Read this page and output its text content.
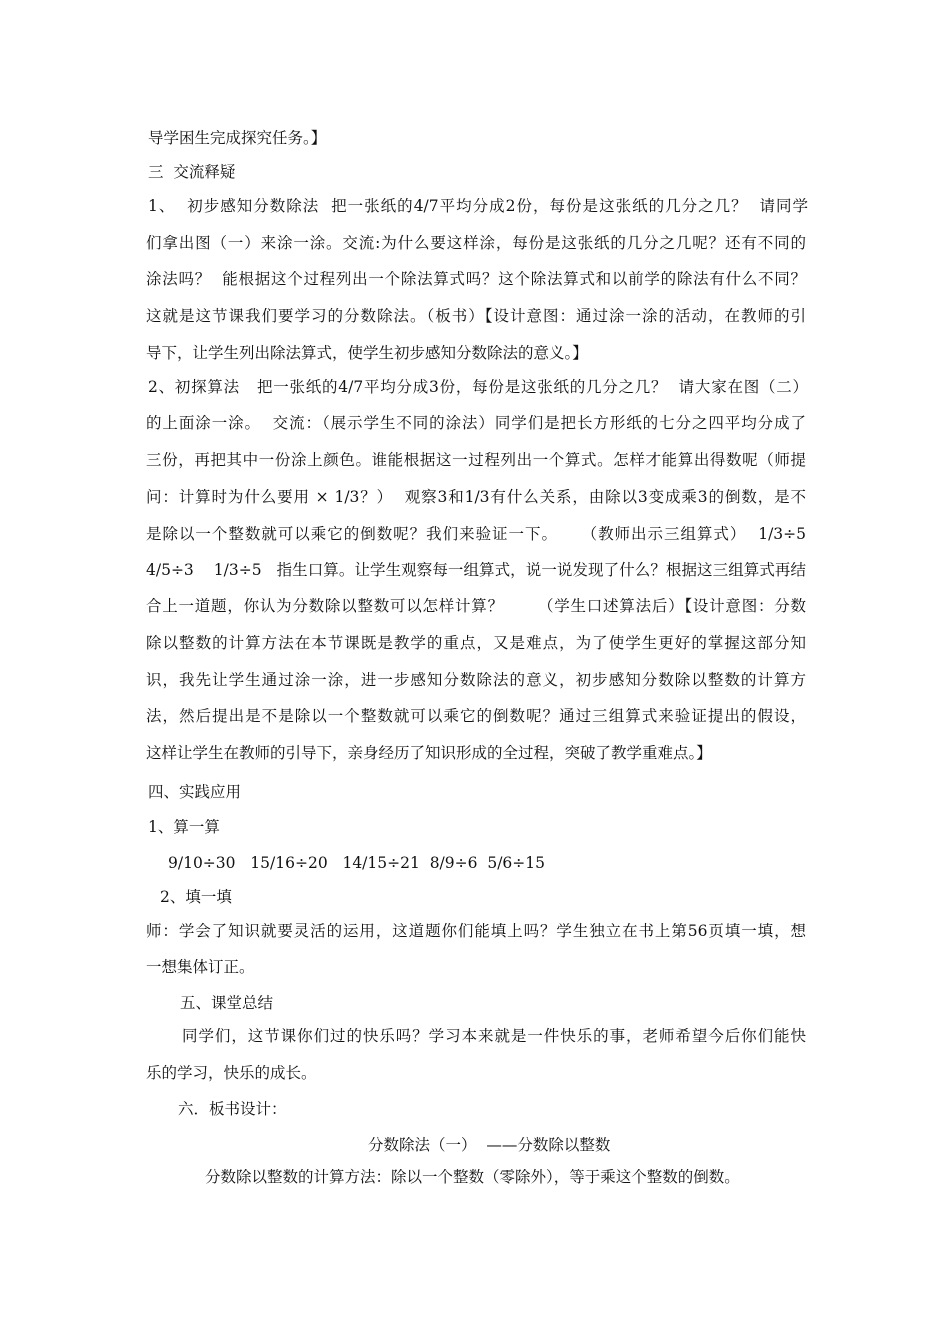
导学困生完成探究任务。】
三  交流释疑
1、  初步感知分数除法  把一张纸的4/7平均分成2份，每份是这张纸的几分之几？  请同学
们拿出图（一）来涂一涂。交流:为什么要这样涂，每份是这张纸的几分之几呢？还有不同的
涂法吗？  能根据这个过程列出一个除法算式吗？这个除法算式和以前学的除法有什么不同？
这就是这节课我们要学习的分数除法。（板书）【设计意图：通过涂一涂的活动，在教师的引
导下，让学生列出除法算式，使学生初步感知分数除法的意义。】
2、初探算法   把一张纸的4/7平均分成3份，每份是这张纸的几分之几？  请大家在图（二）
的上面涂一涂。  交流：（展示学生不同的涂法）同学们是把长方形纸的七分之四平均分成了
三份，再把其中一份涂上颜色。谁能根据这一过程列出一个算式。怎样才能算出得数呢（师提
问：计算时为什么要用 × 1/3？）  观察3和1/3有什么关系，由除以3变成乘3的倒数，是不
是除以一个整数就可以乘它的倒数呢？我们来验证一下。    （教师出示三组算式）  1/3÷5
4/5÷3    1/3÷5   指生口算。让学生观察每一组算式，说一说发现了什么？根据这三组算式再结
合上一道题，你认为分数除以整数可以怎样计算？      （学生口述算法后）【设计意图：分数
除以整数的计算方法在本节课既是教学的重点，又是难点，为了使学生更好的掌握这部分知
识，我先让学生通过涂一涂，进一步感知分数除法的意义，初步感知分数除以整数的计算方
法，然后提出是不是除以一个整数就可以乘它的倒数呢？通过三组算式来验证提出的假设，
这样让学生在教师的引导下，亲身经历了知识形成的全过程，突破了教学重难点。】
四、实践应用
1、算一算
9/10÷30   15/16÷20   14/15÷21  8/9÷6  5/6÷15
2、填一填
师：学会了知识就要灵活的运用，这道题你们能填上吗？学生独立在书上第56页填一填，想
一想集体订正。
五、课堂总结
同学们，这节课你们过的快乐吗？学习本来就是一件快乐的事，老师希望今后你们能快
乐的学习，快乐的成长。
六．板书设计：
分数除法（一）  ——分数除以整数
分数除以整数的计算方法：除以一个整数（零除外），等于乘这个整数的倒数。
